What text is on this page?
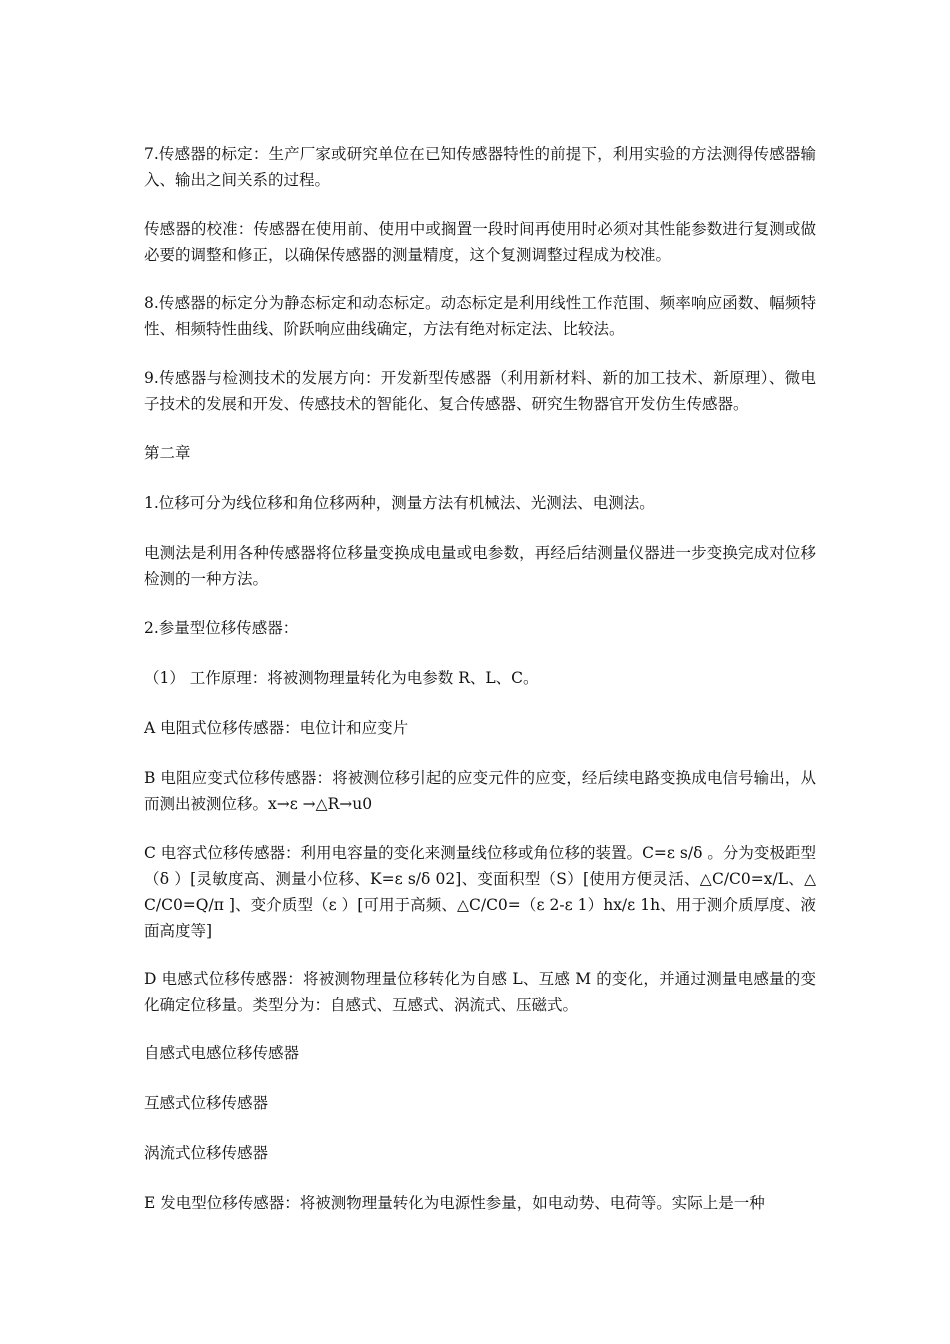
7.传感器的标定：生产厂家或研究单位在已知传感器特性的前提下，利用实验的方法测得传感器输入、输出之间关系的过程。

传感器的校准：传感器在使用前、使用中或搁置一段时间再使用时必须对其性能参数进行复测或做必要的调整和修正，以确保传感器的测量精度，这个复测调整过程成为校准。

8.传感器的标定分为静态标定和动态标定。动态标定是利用线性工作范围、频率响应函数、幅频特性、相频特性曲线、阶跃响应曲线确定，方法有绝对标定法、比较法。

9.传感器与检测技术的发展方向：开发新型传感器（利用新材料、新的加工技术、新原理）、微电子技术的发展和开发、传感技术的智能化、复合传感器、研究生物器官开发仿生传感器。

第二章

1.位移可分为线位移和角位移两种，测量方法有机械法、光测法、电测法。

电测法是利用各种传感器将位移量变换成电量或电参数，再经后结测量仪器进一步变换完成对位移检测的一种方法。

2.参量型位移传感器：

（1） 工作原理：将被测物理量转化为电参数 R、L、C。

A 电阻式位移传感器：电位计和应变片

B 电阻应变式位移传感器：将被测位移引起的应变元件的应变，经后续电路变换成电信号输出，从而测出被测位移。x→ε →△R→u0

C 电容式位移传感器：利用电容量的变化来测量线位移或角位移的装置。C=ε s/δ 。分为变极距型（δ ）[灵敏度高、测量小位移、K=ε s/δ 02]、变面积型（S）[使用方便灵活、△C/C0=x/L、△C/C0=Q/π ]、变介质型（ε ）[可用于高频、△C/C0=（ε 2-ε 1）hx/ε 1h、用于测介质厚度、液面高度等]

D 电感式位移传感器：将被测物理量位移转化为自感 L、互感 M 的变化，并通过测量电感量的变化确定位移量。类型分为：自感式、互感式、涡流式、压磁式。

自感式电感位移传感器

互感式位移传感器

涡流式位移传感器

E 发电型位移传感器：将被测物理量转化为电源性参量，如电动势、电荷等。实际上是一种
